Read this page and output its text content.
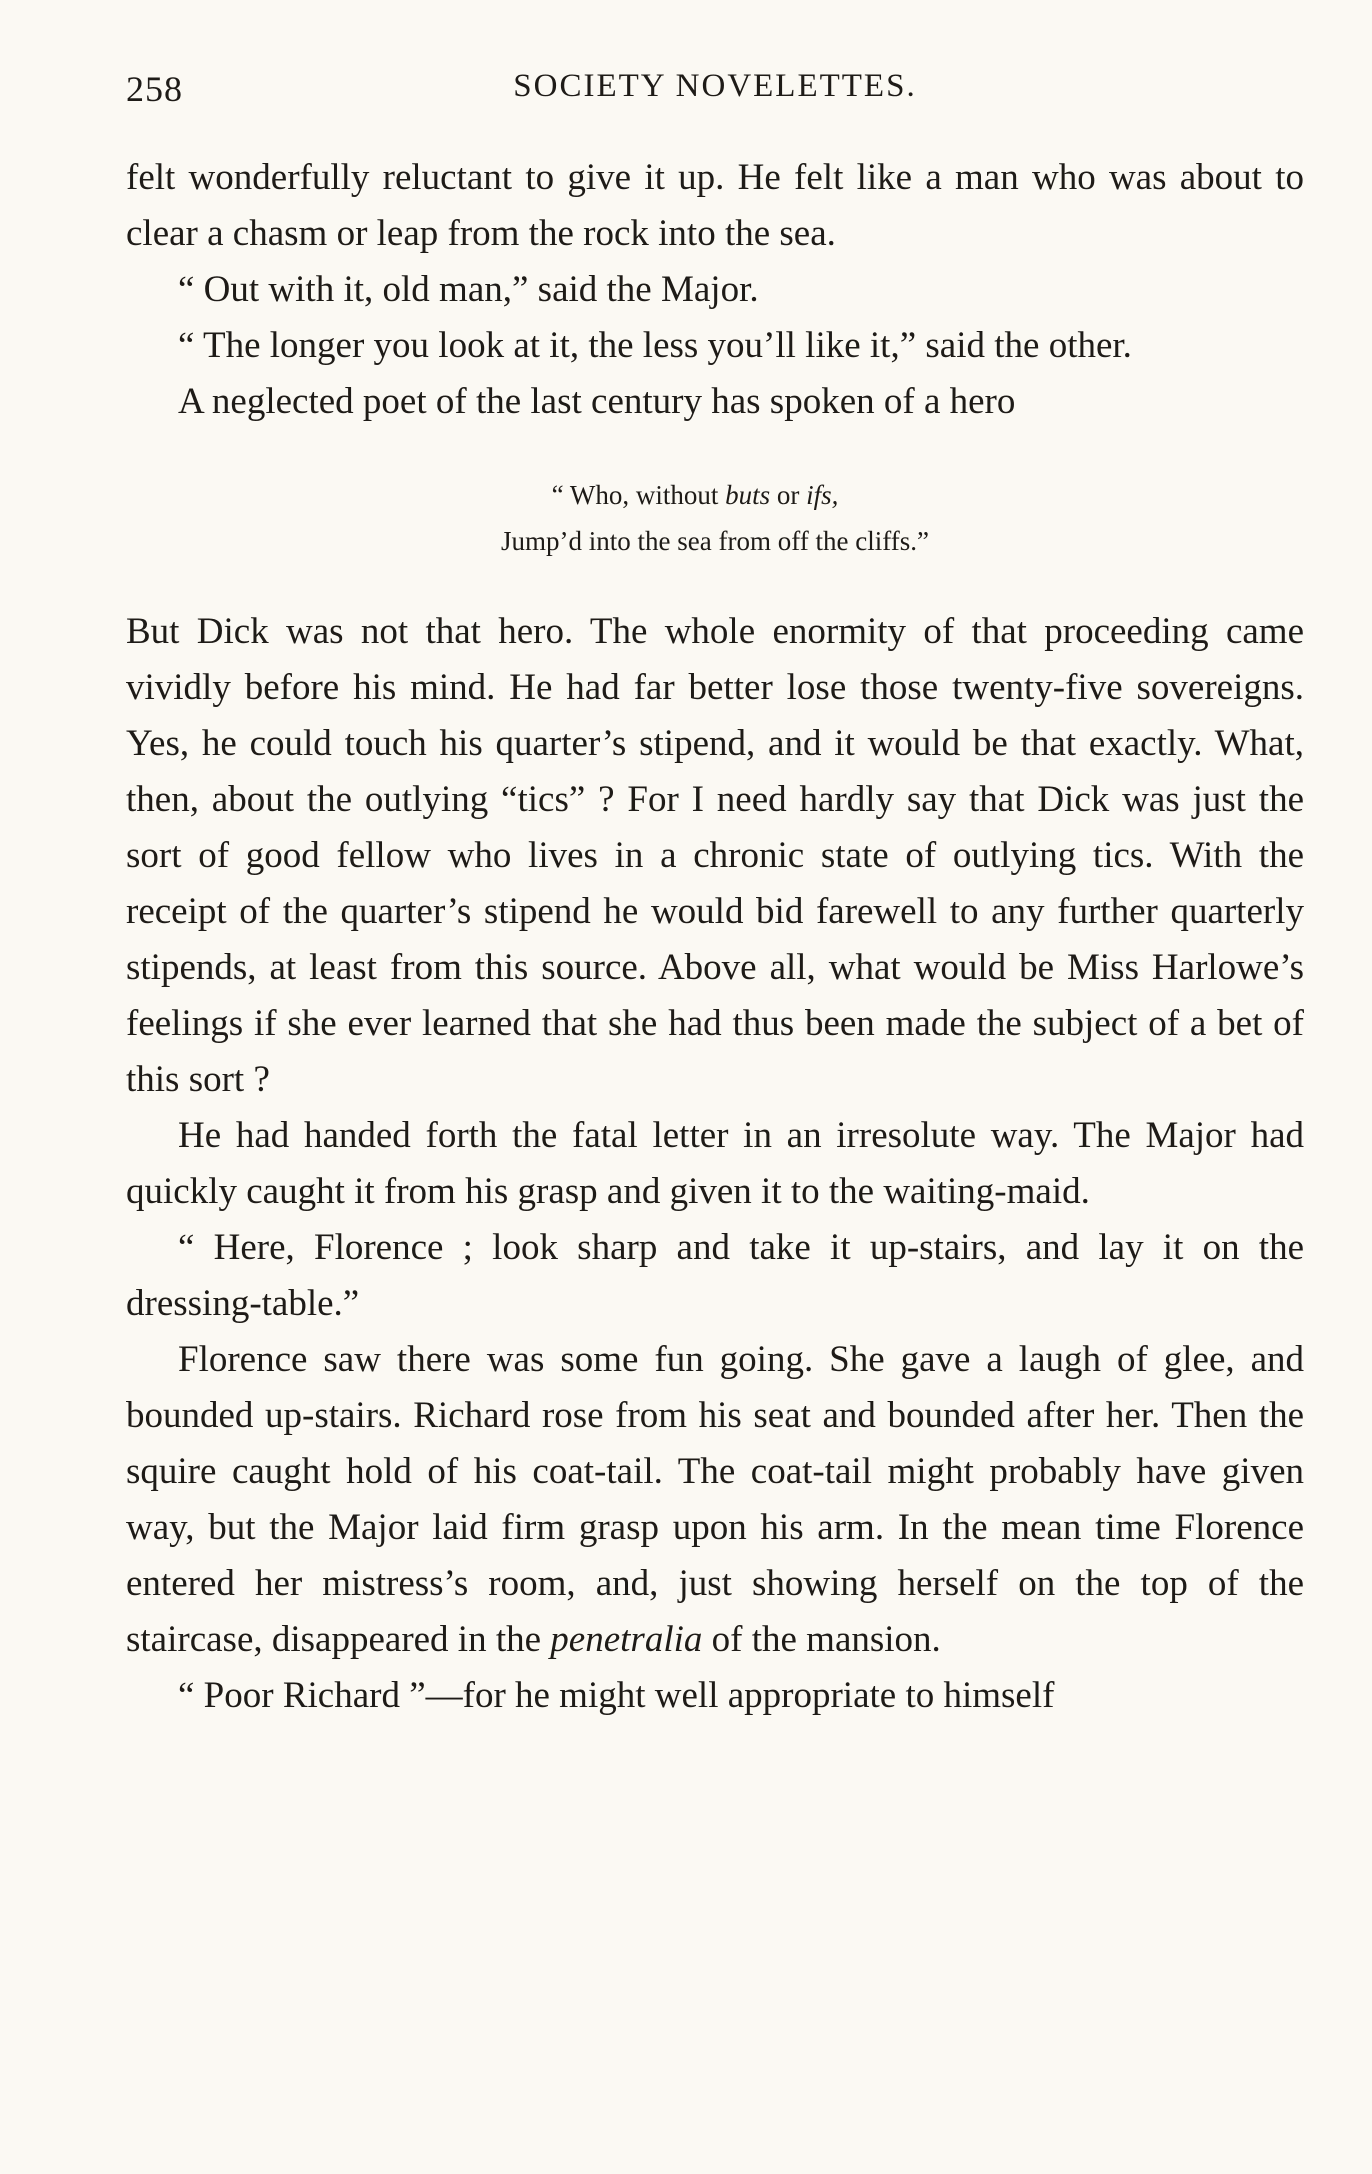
258	SOCIETY NOVELETTES.

felt wonderfully reluctant to give it up. He felt like a man who was about to clear a chasm or leap from the rock into the sea.

“ Out with it, old man,” said the Major.

“ The longer you look at it, the less you’ll like it,” said the other.

A neglected poet of the last century has spoken of a hero

“ Who, without buts or ifs,
Jump’d into the sea from off the cliffs.”

But Dick was not that hero. The whole enormity of that proceeding came vividly before his mind. He had far better lose those twenty-five sovereigns. Yes, he could touch his quarter’s stipend, and it would be that exactly. What, then, about the outlying “tics” ? For I need hardly say that Dick was just the sort of good fellow who lives in a chronic state of outlying tics. With the receipt of the quarter’s stipend he would bid farewell to any further quarterly stipends, at least from this source. Above all, what would be Miss Harlowe’s feelings if she ever learned that she had thus been made the subject of a bet of this sort ?

He had handed forth the fatal letter in an irresolute way. The Major had quickly caught it from his grasp and given it to the waiting-maid.

“ Here, Florence ; look sharp and take it up-stairs, and lay it on the dressing-table.”

Florence saw there was some fun going. She gave a laugh of glee, and bounded up-stairs. Richard rose from his seat and bounded after her. Then the squire caught hold of his coat-tail. The coat-tail might probably have given way, but the Major laid firm grasp upon his arm. In the mean time Florence entered her mistress’s room, and, just showing herself on the top of the staircase, disappeared in the penetralia of the mansion.

“ Poor Richard ”—for he might well appropriate to himself
